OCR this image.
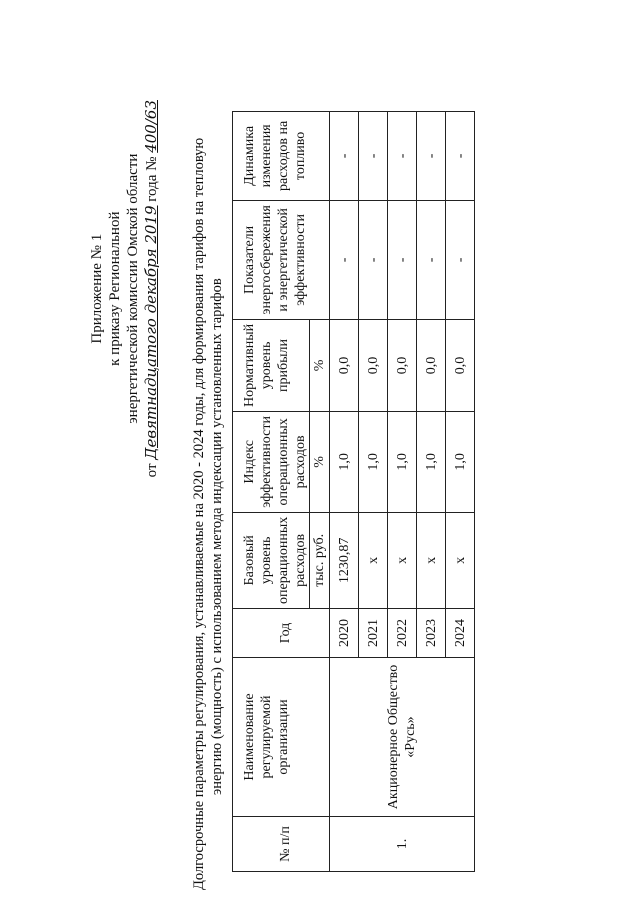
Приложение № 1 к приказу Региональной энергетической комиссии Омской области
от Девятнадцатого декабря 2019 года № 400/63
Долгосрочные параметры регулирования, устанавливаемые на 2020 - 2024 годы, для формирования тарифов на тепловую энергию (мощность) с использованием метода индексации установленных тарифов
№ п/п	Наименование регулируемой организации	Год	Базовый уровень операционных расходов	Индекс эффективности операционных расходов	Нормативный уровень прибыли	Показатели энергосбережения и энергетической эффективности	Динамика изменения расходов на топливо
			тыс. руб.	%	%		
1.	Акционерное Общество «Русь»	2020	1230,87	1,0	0,0	-	-
		2021	х	1,0	0,0	-	-
		2022	х	1,0	0,0	-	-
		2023	х	1,0	0,0	-	-
		2024	х	1,0	0,0	-	-
